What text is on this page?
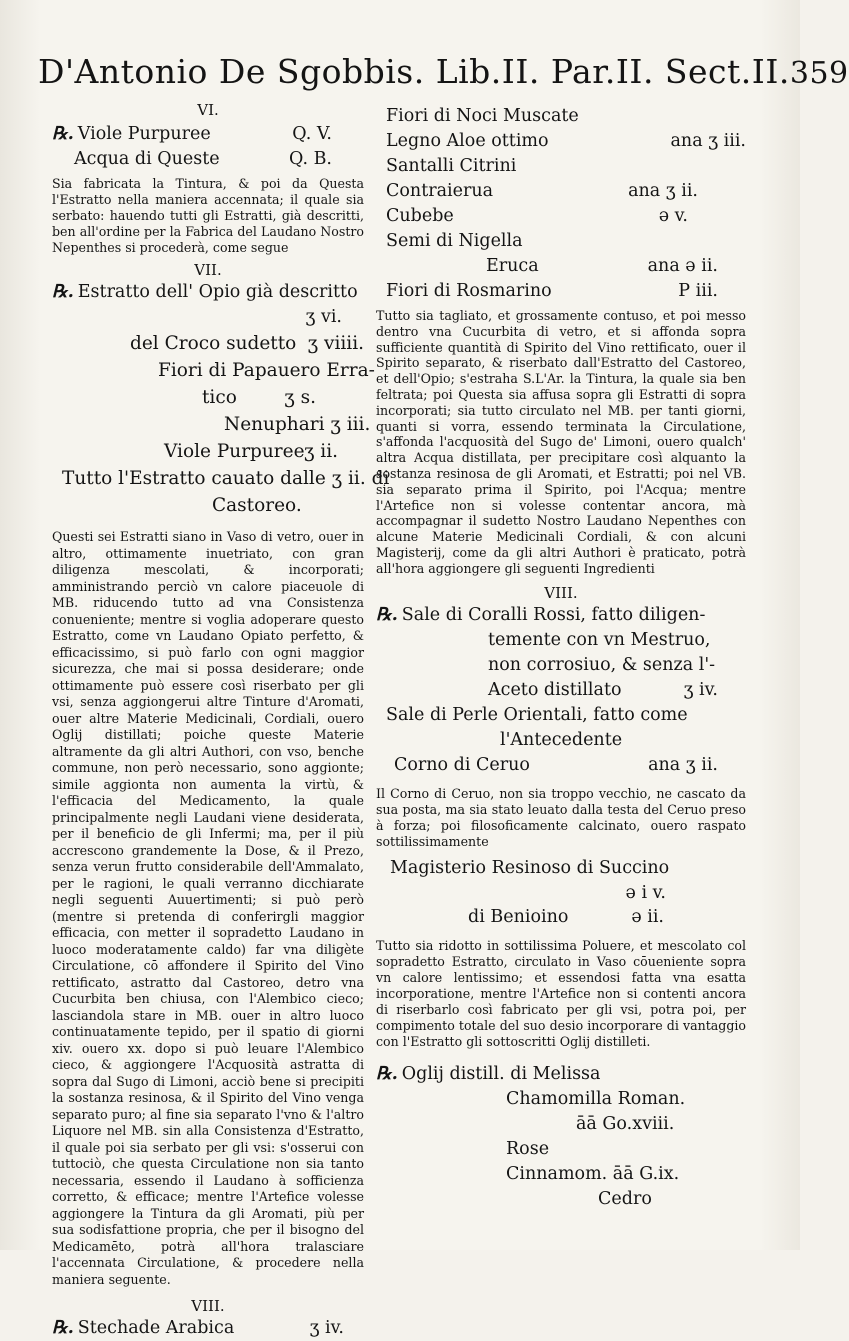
D'Antonio De Sgobbis. Lib.II. Par.II. Sect.II. 359
VI.
℞. Viole Purpuree	Q. V.
Acqua di Queste	Q. B.
Sia fabricata la Tintura, & poi da Questa l'Estratto nella maniera accennata; il quale sia serbato: hauendo tutti gli Estratti, già descritti, ben all'ordine per la Fabrica del Laudano Nostro Nepenthes si procederà, come segue
VII.
℞. Estratto dell' Opio già descritto
ʒ vi.
del Croco sudetto ʒ viiii.
Fiori di Papauero Erra-
tico	ʒ s.
Nenuphari ʒ iii.
Viole Purpuree ʒ ii.
Tutto l'Estratto cauato dalle ʒ ii. di
Castoreo.
Questi sei Estratti siano in Vaso di vetro, ouer in altro, ottimamente inuetriato, con gran diligenza mescolati, & incorporati; amministrando perciò vn calore piaceuole di MB. riducendo tutto ad vna Consistenza conueniente; mentre si voglia adoperare questo Estratto, come vn Laudano Opiato perfetto, & efficacissimo, si può farlo con ogni maggior sicurezza, che mai si possa desiderare; onde ottimamente può essere così riserbato per gli vsi, senza aggiongerui altre Tinture d'Aromati, ouer altre Materie Medicinali, Cordiali, ouero Oglij distillati; poiche queste Materie altramente da gli altri Authori, con vso, benche commune, non però necessario, sono aggionte; simile aggionta non aumenta la virtù, & l'efficacia del Medicamento, la quale principalmente negli Laudani viene desiderata, per il beneficio de gli Infermi; ma, per il più accrescono grandemente la Dose, & il Prezo, senza verun frutto considerabile dell'Ammalato, per le ragioni, le quali verranno dicchiarate negli seguenti Auuertimenti; si può però (mentre si pretenda di conferirgli maggior efficacia, con metter il sopradetto Laudano in luoco moderatamente caldo) far vna diligète Circulatione, cō affondere il Spirito del Vino rettificato, astratto dal Castoreo, detro vna Cucurbita ben chiusa, con l'Alembico cieco; lasciandola stare in MB. ouer in altro luoco continuatamente tepido, per il spatio di giorni xiv. ouero xx. dopo si può leuare l'Alembico cieco, & aggiongere l'Acquosità astratta di sopra dal Sugo di Limoni, acciò bene si precipiti la sostanza resinosa, & il Spirito del Vino venga separato puro; al fine sia separato l'vno & l'altro Liquore nel MB. sin alla Consistenza d'Estratto, il quale poi sia serbato per gli vsi: s'osserui con tuttociò, che questa Circulatione non sia tanto necessaria, essendo il Laudano à sofficienza corretto, & efficace; mentre l'Artefice volesse aggiongere la Tintura da gli Aromati, più per sua sodisfattione propria, che per il bisogno del Medicamēto, potrà all'hora tralasciare l'accennata Circulatione, & procedere nella maniera seguente.
VIII.
℞. Stechade Arabica	ʒ iv.
Fiori di Noci Muscate
Legno Aloe ottimo	ana ʒ iii.
Santalli Citrini
Contraierua	ana ʒ ii.
Cubebe	ə v.
Semi di Nigella
Eruca	ana ə ii.
Fiori di Rosmarino	P iii.
Tutto sia tagliato, et grossamente contuso, et poi messo dentro vna Cucurbita di vetro, et si affonda sopra sufficiente quantità di Spirito del Vino rettificato, ouer il Spirito separato, & riserbato dall'Estratto del Castoreo, et dell'Opio; s'estraha S.L'Ar. la Tintura, la quale sia ben feltrata; poi Questa sia affusa sopra gli Estratti di sopra incorporati; sia tutto circulato nel MB. per tanti giorni, quanti si vorra, essendo terminata la Circulatione, s'affonda l'acquosità del Sugo de' Limoni, ouero qualch' altra Acqua distillata, per precipitare così alquanto la sostanza resinosa de gli Aromati, et Estratti; poi nel VB. sia separato prima il Spirito, poi l'Acqua; mentre l'Artefice non si volesse contentar ancora, mà accompagnar il sudetto Nostro Laudano Nepenthes con alcune Materie Medicinali Cordiali, & con alcuni Magisterij, come da gli altri Authori è praticato, potrà all'hora aggiongere gli seguenti Ingredienti
VIII.
℞. Sale di Coralli Rossi, fatto diligen-
temente con vn Mestruo,
non corrosiuo, & senza l'-
Aceto distillato	ʒ iv.
Sale di Perle Orientali, fatto come
l'Antecedente
Corno di Ceruo	ana ʒ ii.
Il Corno di Ceruo, non sia troppo vecchio, ne cascato da sua posta, ma sia stato leuato dalla testa del Ceruo preso à forza; poi filosoficamente calcinato, ouero raspato sottilissimamente
Magisterio Resinoso di Succino
ə i v.
di Benioino	ə ii.
Tutto sia ridotto in sottilissima Poluere, et mescolato col sopradetto Estratto, circulato in Vaso cōueniente sopra vn calore lentissimo; et essendosi fatta vna esatta incorporatione, mentre l'Artefice non si contenti ancora di riserbarlo così fabricato per gli vsi, potra poi, per compimento totale del suo desio incorporare di vantaggio con l'Estratto gli sottoscritti Oglij distilleti.
℞. Oglij distill. di Melissa
Chamomilla Roman.
āā Go.xviii.
Rose
Cinnamom. āā G.ix.
Cedro
